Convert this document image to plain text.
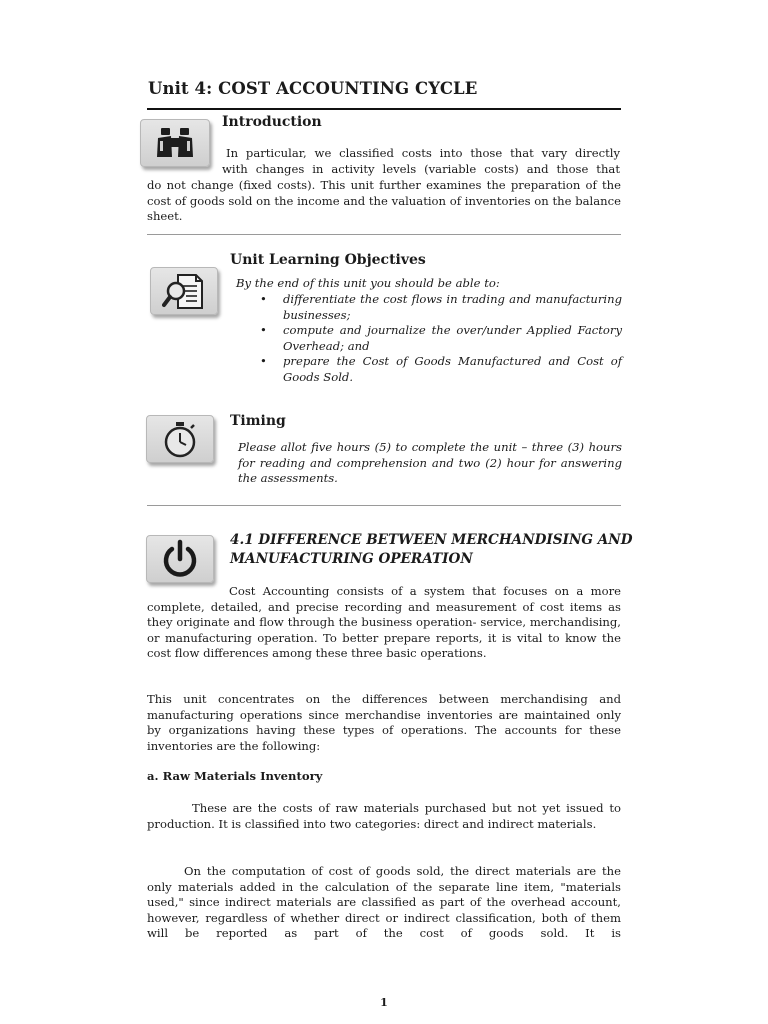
Unit 4: COST ACCOUNTING CYCLE
Introduction
In particular, we classified costs into those that vary directly
with changes in activity levels (variable costs) and those that
do not change (fixed costs). This unit further examines the preparation of the cost of goods sold on the income and the valuation of inventories on the balance sheet.
Unit Learning Objectives
By the end of this unit you should be able to:
• differentiate the cost flows in trading and manufacturing businesses;
• compute and journalize the over/under Applied Factory Overhead; and
• prepare the Cost of Goods Manufactured and Cost of Goods Sold.
Timing
Please allot five hours (5) to complete the unit – three (3) hours for reading and comprehension and two (2) hour for answering the assessments.
4.1 DIFFERENCE BETWEEN MERCHANDISING AND
MANUFACTURING OPERATION
Cost Accounting consists of a system that focuses on a more complete, detailed, and precise recording and measurement of cost items as they originate and flow through the business operation- service, merchandising, or manufacturing operation. To better prepare reports, it is vital to know the cost flow differences among these three basic operations.
This unit concentrates on the differences between merchandising and manufacturing operations since merchandise inventories are maintained only by organizations having these types of operations. The accounts for these inventories are the following:
a. Raw Materials Inventory
These are the costs of raw materials purchased but not yet issued to production. It is classified into two categories: direct and indirect materials.
On the computation of cost of goods sold, the direct materials are the only materials added in the calculation of the separate line item, "materials used," since indirect materials are classified as part of the overhead account, however, regardless of whether direct or indirect classification, both of them will be reported as part of the cost of goods sold. It is
1
